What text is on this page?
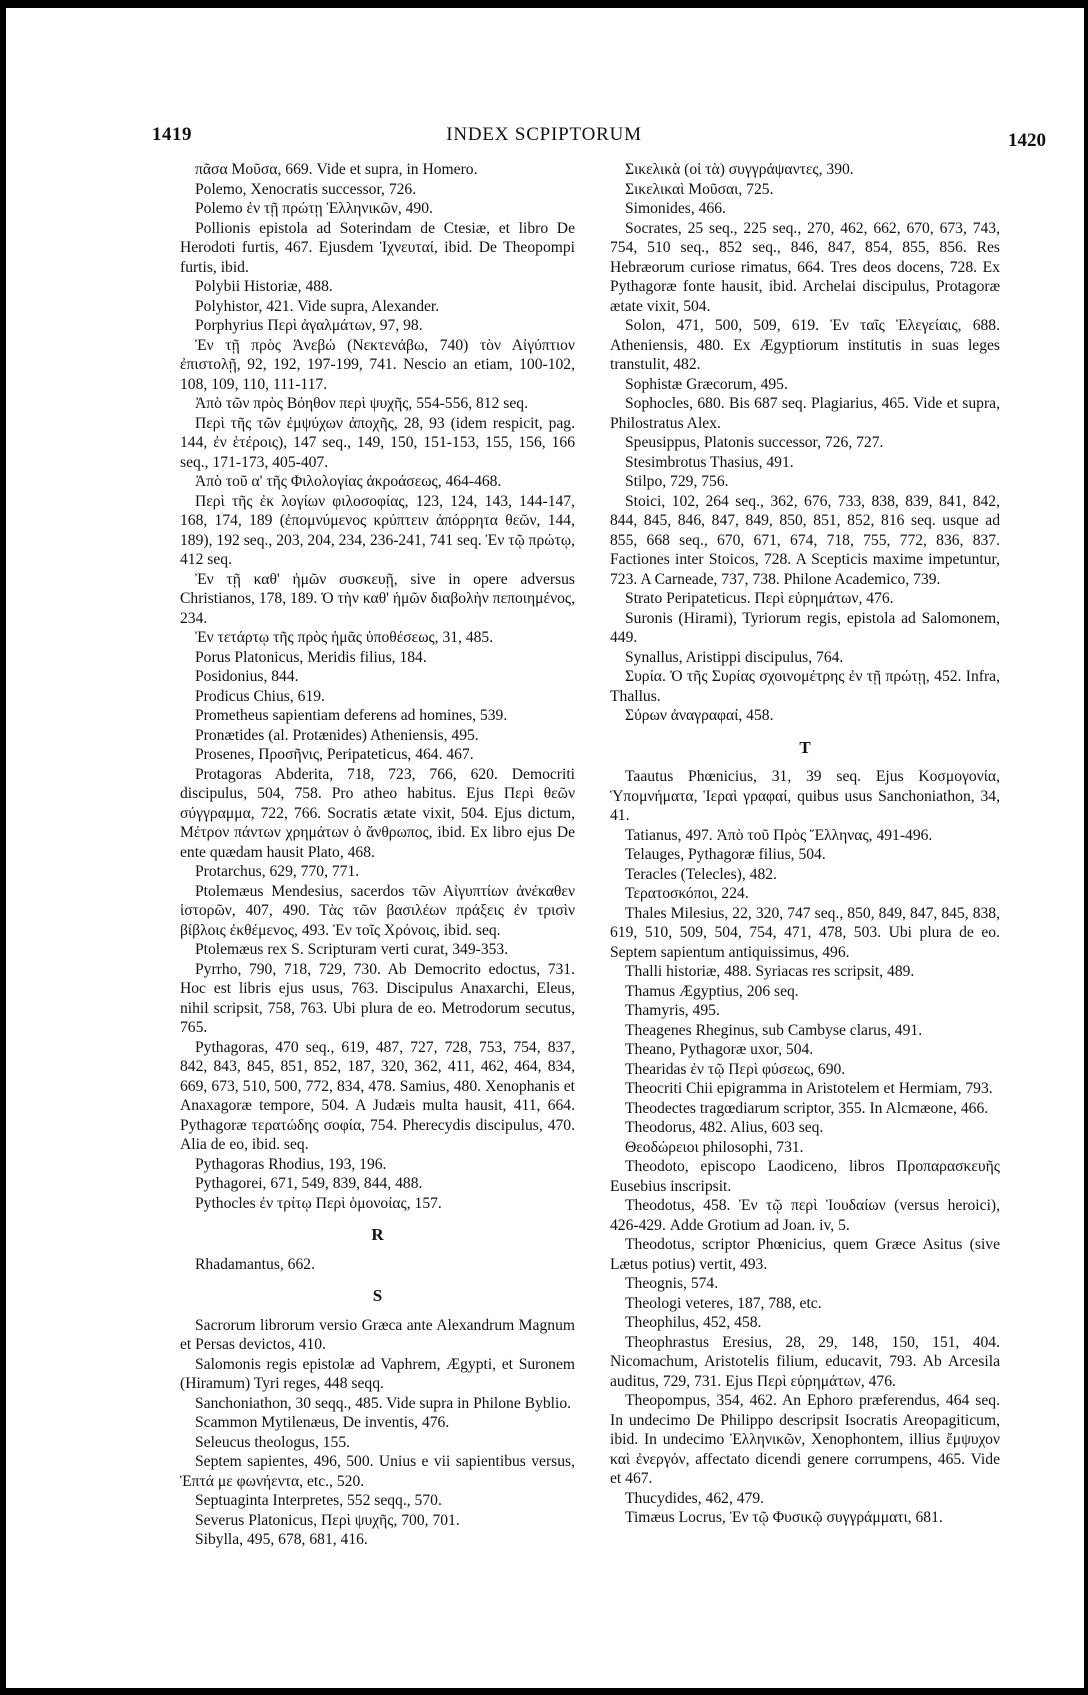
1419	INDEX SCPIPTORUM	1420

πᾶσα Μοῦσα, 669. Vide et supra, in Homero.

Polemo, Xenocratis successor, 726.

Polemo ἐν τῇ πρώτῃ Ἑλληνικῶν, 490.

Pollionis epistola ad Soterindam de Ctesiæ, et libro De Herodoti furtis, 467. Ejusdem Ἰχνευταί, ibid. De Theopompi furtis, ibid.

Polybii Historiæ, 488.

Polyhistor, 421. Vide supra, Alexander.

Porphyrius Περὶ ἀγαλμάτων, 97, 98.

Ἐν τῇ πρὸς Ἀνεβώ (Νεκτενάβω, 740) τὸν Αἰγύπτιον ἐπιστολῇ, 92, 192, 197-199, 741. Nescio an etiam, 100-102, 108, 109, 110, 111-117.

Ἀπὸ τῶν πρὸς Βόηθον περὶ ψυχῆς, 554-556, 812 seq.

Περὶ τῆς τῶν ἐμψύχων ἀποχῆς, 28, 93 (idem respicit, pag. 144, ἐν ἑτέροις), 147 seq., 149, 150, 151-153, 155, 156, 166 seq., 171-173, 405-407.

Ἀπὸ τοῦ α' τῆς Φιλολογίας ἀκροάσεως, 464-468.

Περὶ τῆς ἐκ λογίων φιλοσοφίας, 123, 124, 143, 144-147, 168, 174, 189 (ἐπομνύμενος κρύπτειν ἀπόρρητα θεῶν, 144, 189), 192 seq., 203, 204, 234, 236-241, 741 seq. Ἐν τῷ πρώτῳ, 412 seq.

Ἐν τῇ καθ' ἡμῶν συσκευῇ, sive in opere adversus Christianos, 178, 189. Ὁ τὴν καθ' ἡμῶν διαβολὴν πεποιημένος, 234.

Ἐν τετάρτῳ τῆς πρὸς ἡμᾶς ὑποθέσεως, 31, 485.

Porus Platonicus, Meridis filius, 184.

Posidonius, 844.

Prodicus Chius, 619.

Prometheus sapientiam deferens ad homines, 539.

Pronætides (al. Protænides) Atheniensis, 495.

Prosenes, Προσῆνις, Peripateticus, 464. 467.

Protagoras Abderita, 718, 723, 766, 620. Democriti discipulus, 504, 758. Pro atheo habitus. Ejus Περὶ θεῶν σύγγραμμα, 722, 766. Socratis ætate vixit, 504. Ejus dictum, Μέτρον πάντων χρημάτων ὁ ἄνθρωπος, ibid. Ex libro ejus De ente quædam hausit Plato, 468.

Protarchus, 629, 770, 771.

Ptolemæus Mendesius, sacerdos τῶν Αἰγυπτίων ἀνέκαθεν ἱστορῶν, 407, 490. Τὰς τῶν βασιλέων πράξεις ἐν τρισὶν βίβλοις ἐκθέμενος, 493. Ἐν τοῖς Χρόνοις, ibid. seq.

Ptolemæus rex S. Scripturam verti curat, 349-353.

Pyrrho, 790, 718, 729, 730. Ab Democrito edoctus, 731. Hoc est libris ejus usus, 763. Discipulus Anaxarchi, Eleus, nihil scripsit, 758, 763. Ubi plura de eo. Metrodorum secutus, 765.

Pythagoras, 470 seq., 619, 487, 727, 728, 753, 754, 837, 842, 843, 845, 851, 852, 187, 320, 362, 411, 462, 464, 834, 669, 673, 510, 500, 772, 834, 478. Samius, 480. Xenophanis et Anaxagoræ tempore, 504. A Judæis multa hausit, 411, 664. Pythagoræ τερατώδης σοφία, 754. Pherecydis discipulus, 470. Alia de eo, ibid. seq.

Pythagoras Rhodius, 193, 196.

Pythagorei, 671, 549, 839, 844, 488.

Pythocles ἐν τρίτῳ Περὶ ὁμονοίας, 157.

R

Rhadamantus, 662.

S

Sacrorum librorum versio Græca ante Alexandrum Magnum et Persas devictos, 410.

Salomonis regis epistolæ ad Vaphrem, Ægypti, et Suronem (Hiramum) Tyri reges, 448 seqq.

Sanchoniathon, 30 seqq., 485. Vide supra in Philone Byblio.

Scammon Mytilenæus, De inventis, 476.

Seleucus theologus, 155.

Septem sapientes, 496, 500. Unius e vii sapientibus versus, Ἑπτά με φωνήεντα, etc., 520.

Septuaginta Interpretes, 552 seqq., 570.

Severus Platonicus, Περὶ ψυχῆς, 700, 701.

Sibylla, 495, 678, 681, 416.

Σικελικὰ (οἱ τὰ) συγγράψαντες, 390.

Σικελικαὶ Μοῦσαι, 725.

Simonides, 466.

Socrates, 25 seq., 225 seq., 270, 462, 662, 670, 673, 743, 754, 510 seq., 852 seq., 846, 847, 854, 855, 856. Res Hebræorum curiose rimatus, 664. Tres deos docens, 728. Ex Pythagoræ fonte hausit, ibid. Archelai discipulus, Protagoræ ætate vixit, 504.

Solon, 471, 500, 509, 619. Ἐν ταῖς Ἐλεγείαις, 688. Atheniensis, 480. Ex Ægyptiorum institutis in suas leges transtulit, 482.

Sophistæ Græcorum, 495.

Sophocles, 680. Bis 687 seq. Plagiarius, 465. Vide et supra, Philostratus Alex.

Speusippus, Platonis successor, 726, 727.

Stesimbrotus Thasius, 491.

Stilpo, 729, 756.

Stoici, 102, 264 seq., 362, 676, 733, 838, 839, 841, 842, 844, 845, 846, 847, 849, 850, 851, 852, 816 seq. usque ad 855, 668 seq., 670, 671, 674, 718, 755, 772, 836, 837. Factiones inter Stoicos, 728. A Scepticis maxime impetuntur, 723. A Carneade, 737, 738. Philone Academico, 739.

Strato Peripateticus. Περὶ εὑρημάτων, 476.

Suronis (Hirami), Tyriorum regis, epistola ad Salomonem, 449.

Synallus, Aristippi discipulus, 764.

Συρία. Ὁ τῆς Συρίας σχοινομέτρης ἐν τῇ πρώτῃ, 452. Infra, Thallus.

Σύρων ἀναγραφαί, 458.

T

Taautus Phœnicius, 31, 39 seq. Ejus Κοσμογονία, Ὑπομνήματα, Ἱεραὶ γραφαί, quibus usus Sanchoniathon, 34, 41.

Tatianus, 497. Ἀπὸ τοῦ Πρὸς Ἕλληνας, 491-496.

Telauges, Pythagoræ filius, 504.

Teracles (Telecles), 482.

Τερατοσκόποι, 224.

Thales Milesius, 22, 320, 747 seq., 850, 849, 847, 845, 838, 619, 510, 509, 504, 754, 471, 478, 503. Ubi plura de eo. Septem sapientum antiquissimus, 496.

Thalli historiæ, 488. Syriacas res scripsit, 489.

Thamus Ægyptius, 206 seq.

Thamyris, 495.

Theagenes Rheginus, sub Cambyse clarus, 491.

Theano, Pythagoræ uxor, 504.

Thearidas ἐν τῷ Περὶ φύσεως, 690.

Theocriti Chii epigramma in Aristotelem et Hermiam, 793.

Theodectes tragœdiarum scriptor, 355. In Alcmæone, 466.

Theodorus, 482. Alius, 603 seq.

Θεοδώρειοι philosophi, 731.

Theodoto, episcopo Laodiceno, libros Προπαρασκευῆς Eusebius inscripsit.

Theodotus, 458. Ἐν τῷ περὶ Ἰουδαίων (versus heroici), 426-429. Adde Grotium ad Joan. iv, 5.

Theodotus, scriptor Phœnicius, quem Græce Asitus (sive Lætus potius) vertit, 493.

Theognis, 574.

Theologi veteres, 187, 788, etc.

Theophilus, 452, 458.

Theophrastus Eresius, 28, 29, 148, 150, 151, 404. Nicomachum, Aristotelis filium, educavit, 793. Ab Arcesila auditus, 729, 731. Ejus Περὶ εὑρημάτων, 476.

Theopompus, 354, 462. An Ephoro præferendus, 464 seq. In undecimo De Philippo descripsit Isocratis Areopagiticum, ibid. In undecimo Ἑλληνικῶν, Xenophontem, illius ἔμψυχον καὶ ἐνεργόν, affectato dicendi genere corrumpens, 465. Vide et 467.

Thucydides, 462, 479.

Timæus Locrus, Ἐν τῷ Φυσικῷ συγγράμματι, 681.
